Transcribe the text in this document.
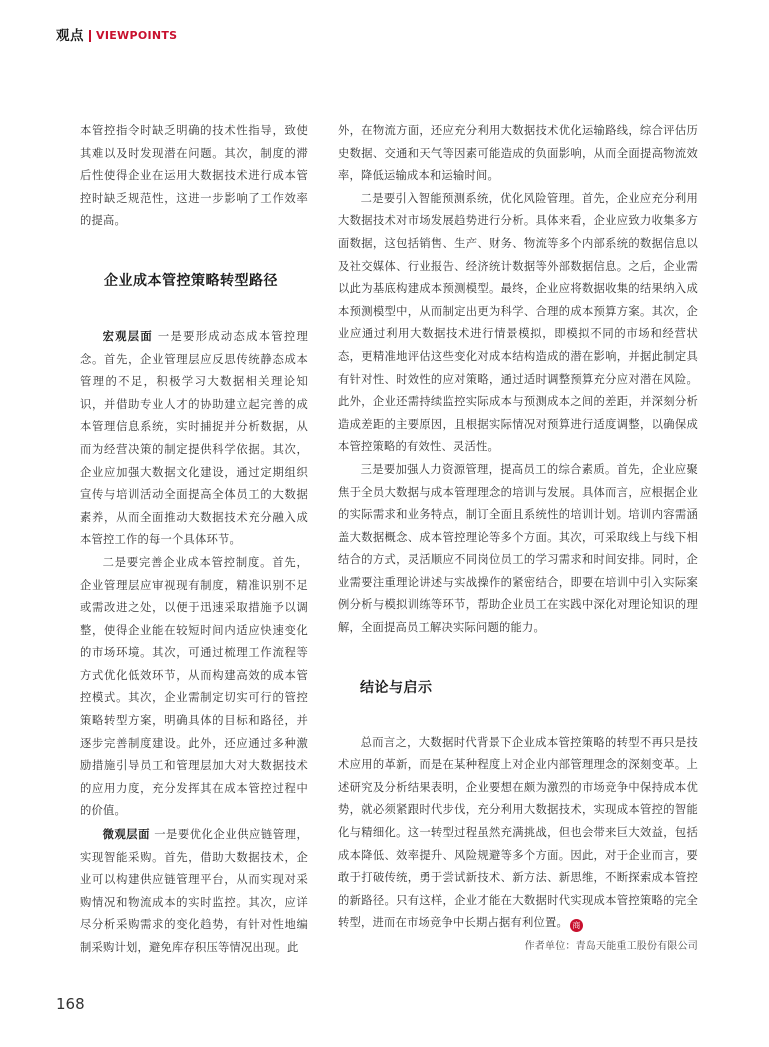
观点 VIEWPOINTS

本管控指令时缺乏明确的技术性指导，致使其难以及时发现潜在问题。其次，制度的滞后性使得企业在运用大数据技术进行成本管控时缺乏规范性，这进一步影响了工作效率的提高。

企业成本管控策略转型路径

宏观层面 一是要形成动态成本管控理念。首先，企业管理层应反思传统静态成本管理的不足，积极学习大数据相关理论知识，并借助专业人才的协助建立起完善的成本管理信息系统，实时捕捉并分析数据，从而为经营决策的制定提供科学依据。其次，企业应加强大数据文化建设，通过定期组织宣传与培训活动全面提高全体员工的大数据素养，从而全面推动大数据技术充分融入成本管控工作的每一个具体环节。

二是要完善企业成本管控制度。首先，企业管理层应审视现有制度，精准识别不足或需改进之处，以便于迅速采取措施予以调整，使得企业能在较短时间内适应快速变化的市场环境。其次，可通过梳理工作流程等方式优化低效环节，从而构建高效的成本管控模式。其次，企业需制定切实可行的管控策略转型方案，明确具体的目标和路径，并逐步完善制度建设。此外，还应通过多种激励措施引导员工和管理层加大对大数据技术的应用力度，充分发挥其在成本管控过程中的价值。

微观层面 一是要优化企业供应链管理，实现智能采购。首先，借助大数据技术，企业可以构建供应链管理平台，从而实现对采购情况和物流成本的实时监控。其次，应详尽分析采购需求的变化趋势，有针对性地编制采购计划，避免库存积压等情况出现。此

外，在物流方面，还应充分利用大数据技术优化运输路线，综合评估历史数据、交通和天气等因素可能造成的负面影响，从而全面提高物流效率，降低运输成本和运输时间。

二是要引入智能预测系统，优化风险管理。首先，企业应充分利用大数据技术对市场发展趋势进行分析。具体来看，企业应致力收集多方面数据，这包括销售、生产、财务、物流等多个内部系统的数据信息以及社交媒体、行业报告、经济统计数据等外部数据信息。之后，企业需以此为基底构建成本预测模型。最终，企业应将数据收集的结果纳入成本预测模型中，从而制定出更为科学、合理的成本预算方案。其次，企业应通过利用大数据技术进行情景模拟，即模拟不同的市场和经营状态，更精准地评估这些变化对成本结构造成的潜在影响，并据此制定具有针对性、时效性的应对策略，通过适时调整预算充分应对潜在风险。此外，企业还需持续监控实际成本与预测成本之间的差距，并深刻分析造成差距的主要原因，且根据实际情况对预算进行适度调整，以确保成本管控策略的有效性、灵活性。

三是要加强人力资源管理，提高员工的综合素质。首先，企业应聚焦于全员大数据与成本管理理念的培训与发展。具体而言，应根据企业的实际需求和业务特点，制订全面且系统性的培训计划。培训内容需涵盖大数据概念、成本管控理论等多个方面。其次，可采取线上与线下相结合的方式，灵活顺应不同岗位员工的学习需求和时间安排。同时，企业需要注重理论讲述与实战操作的紧密结合，即要在培训中引入实际案例分析与模拟训练等环节，帮助企业员工在实践中深化对理论知识的理解，全面提高员工解决实际问题的能力。

结论与启示

总而言之，大数据时代背景下企业成本管控策略的转型不再只是技术应用的革新，而是在某种程度上对企业内部管理理念的深刻变革。上述研究及分析结果表明，企业要想在颇为激烈的市场竞争中保持成本优势，就必须紧跟时代步伐，充分利用大数据技术，实现成本管控的智能化与精细化。这一转型过程虽然充满挑战，但也会带来巨大效益，包括成本降低、效率提升、风险规避等多个方面。因此，对于企业而言，要敢于打破传统，勇于尝试新技术、新方法、新思维，不断探索成本管控的新路径。只有这样，企业才能在大数据时代实现成本管控策略的完全转型，进而在市场竞争中长期占据有利位置。 商

作者单位：青岛天能重工股份有限公司
168
